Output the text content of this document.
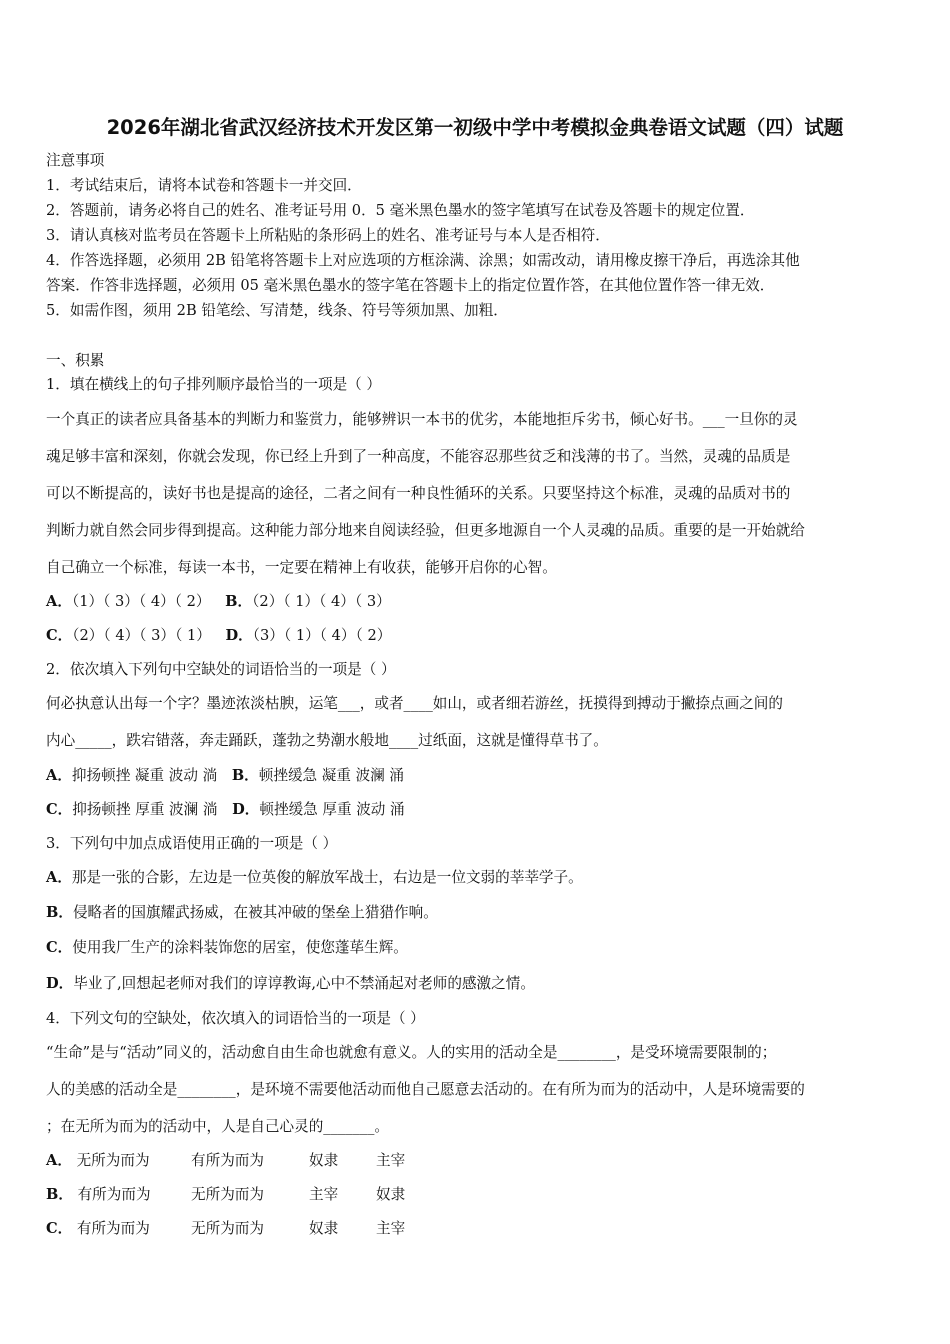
2026年湖北省武汉经济技术开发区第一初级中学中考模拟金典卷语文试题（四）试题
注意事项
1．考试结束后，请将本试卷和答题卡一并交回．
2．答题前，请务必将自己的姓名、准考证号用 0．5 毫米黑色墨水的签字笔填写在试卷及答题卡的规定位置．
3．请认真核对监考员在答题卡上所粘贴的条形码上的姓名、准考证号与本人是否相符．
4．作答选择题，必须用 2B 铅笔将答题卡上对应选项的方框涂满、涂黑；如需改动，请用橡皮擦干净后，再选涂其他
答案．作答非选择题，必须用 05 毫米黑色墨水的签字笔在答题卡上的指定位置作答，在其他位置作答一律无效．
5．如需作图，须用 2B 铅笔绘、写清楚，线条、符号等须加黑、加粗．
一、积累
1．填在横线上的句子排列顺序最恰当的一项是（ ）
一个真正的读者应具备基本的判断力和鉴赏力，能够辨识一本书的优劣，本能地拒斥劣书，倾心好书。___一旦你的灵
魂足够丰富和深刻，你就会发现，你已经上升到了一种高度，不能容忍那些贫乏和浅薄的书了。当然，灵魂的品质是
可以不断提高的，读好书也是提高的途径，二者之间有一种良性循环的关系。只要坚持这个标准，灵魂的品质对书的
判断力就自然会同步得到提高。这种能力部分地来自阅读经验，但更多地源自一个人灵魂的品质。重要的是一开始就给
自己确立一个标准，每读一本书，一定要在精神上有收获，能够开启你的心智。
A．（1）（ 3）（ 4）（ 2） B．（2）（ 1）（ 4）（ 3）
C．（2）（ 4）（ 3）（ 1） D．（3）（ 1）（ 4）（ 2）
2．依次填入下列句中空缺处的词语恰当的一项是（ ）
何必执意认出每一个字？墨迹浓淡枯腴，运笔___，或者____如山，或者细若游丝，抚摸得到搏动于撇捺点画之间的
内心_____，跌宕错落，奔走踊跃，蓬勃之势潮水般地____过纸面，这就是懂得草书了。
A．抑扬顿挫 凝重 波动 淌 B．顿挫缓急 凝重 波澜 涌
C．抑扬顿挫 厚重 波澜 淌 D．顿挫缓急 厚重 波动 涌
3．下列句中加点成语使用正确的一项是（ ）
A．那是一张的合影，左边是一位英俊的解放军战士，右边是一位文弱的莘莘学子。
B．侵略者的国旗耀武扬威，在被其冲破的堡垒上猎猎作响。
C．使用我厂生产的涂料装饰您的居室，使您蓬荜生辉。
D．毕业了,回想起老师对我们的谆谆教诲,心中不禁涌起对老师的感激之情。
4．下列文句的空缺处，依次填入的词语恰当的一项是（ ）
“生命”是与“活动”同义的，活动愈自由生命也就愈有意义。人的实用的活动全是________，是受环境需要限制的；
人的美感的活动全是________，是环境不需要他活动而他自己愿意去活动的。在有所为而为的活动中，人是环境需要的
；在无所为而为的活动中，人是自己心灵的_______。
A． 无所为而为	有所为而为	奴隶	主宰
B． 有所为而为	无所为而为	主宰	奴隶
C． 有所为而为	无所为而为	奴隶	主宰
